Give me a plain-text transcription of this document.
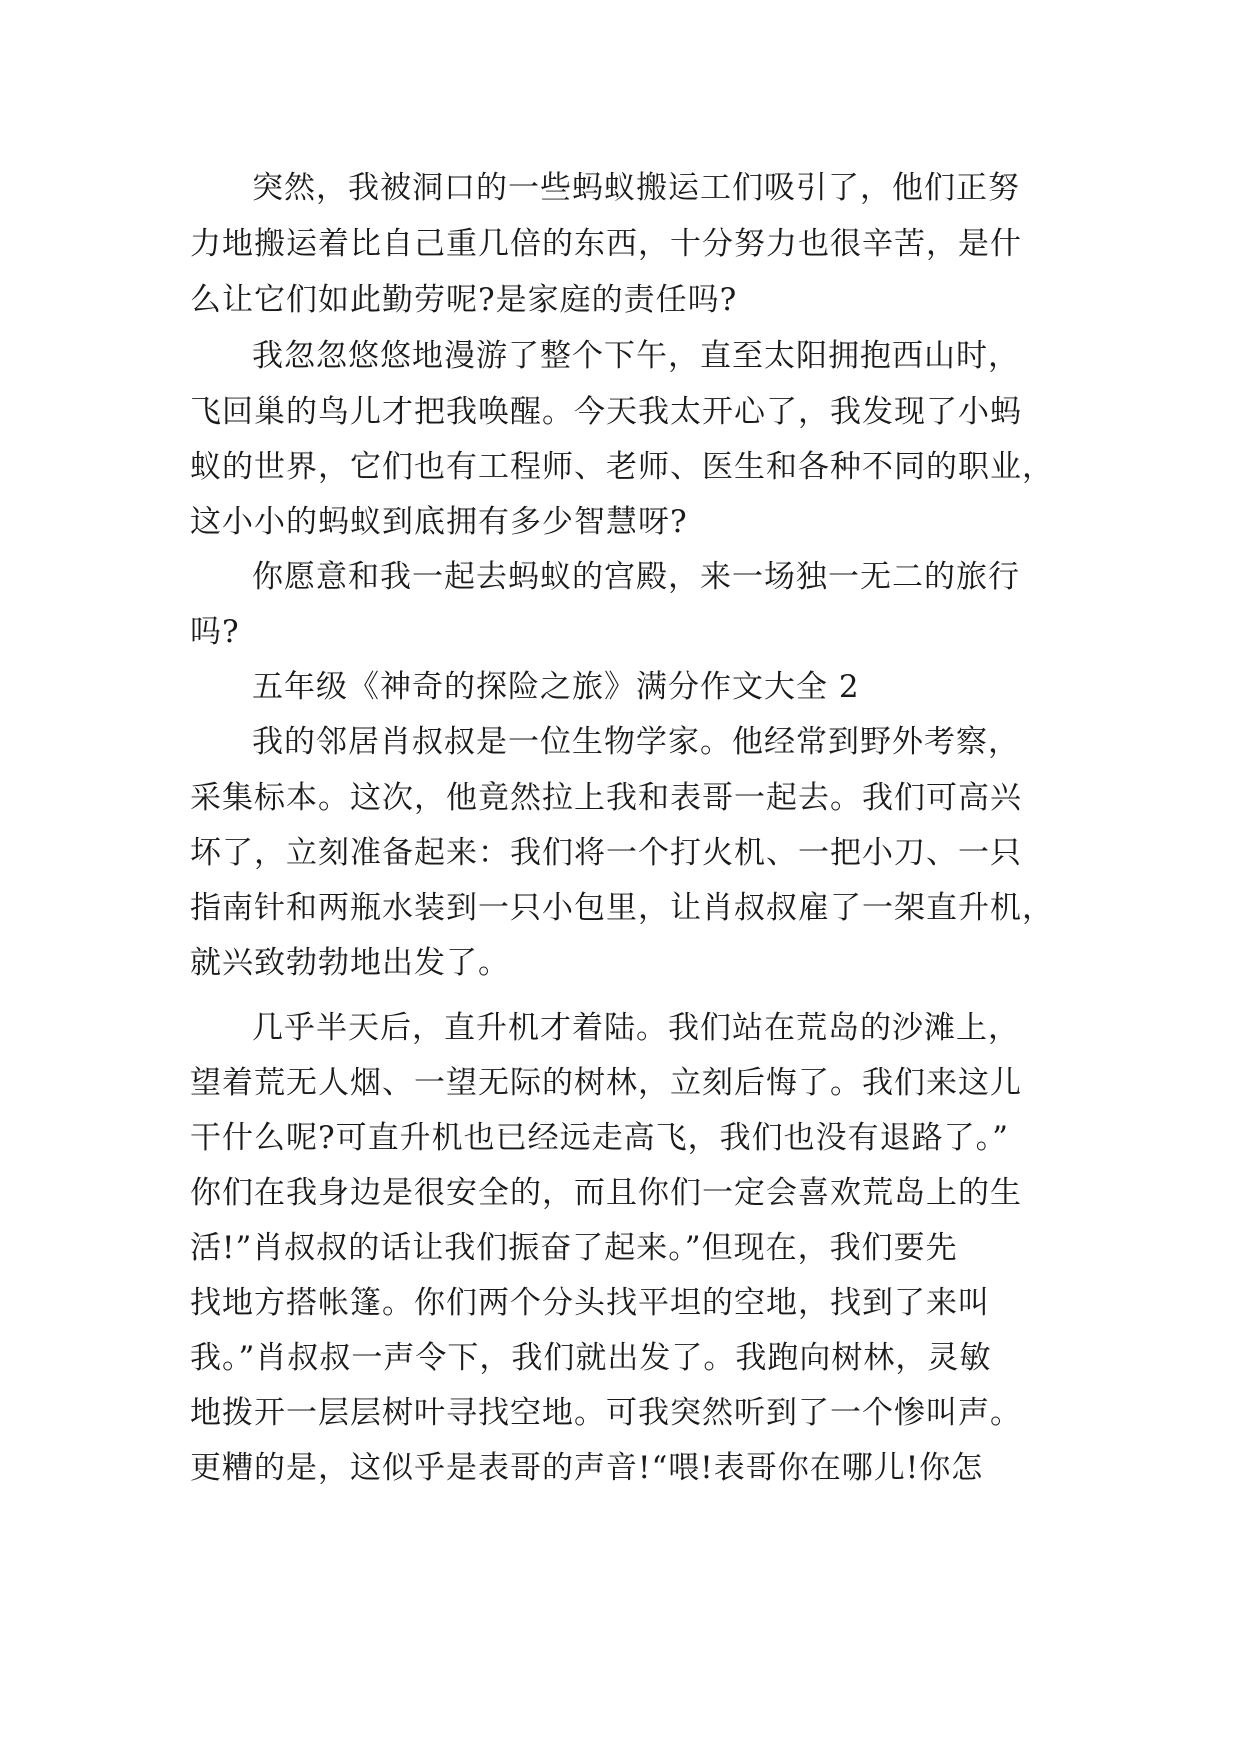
突然，我被洞口的一些蚂蚁搬运工们吸引了，他们正努

力地搬运着比自己重几倍的东西，十分努力也很辛苦，是什

么让它们如此勤劳呢?是家庭的责任吗?

我忽忽悠悠地漫游了整个下午，直至太阳拥抱西山时，

飞回巢的鸟儿才把我唤醒。今天我太开心了，我发现了小蚂

蚁的世界，它们也有工程师、老师、医生和各种不同的职业，

这小小的蚂蚁到底拥有多少智慧呀?

你愿意和我一起去蚂蚁的宫殿，来一场独一无二的旅行

吗?

五年级《神奇的探险之旅》满分作文大全 2

我的邻居肖叔叔是一位生物学家。他经常到野外考察，

采集标本。这次，他竟然拉上我和表哥一起去。我们可高兴

坏了，立刻准备起来：我们将一个打火机、一把小刀、一只

指南针和两瓶水装到一只小包里，让肖叔叔雇了一架直升机，

就兴致勃勃地出发了。

几乎半天后，直升机才着陆。我们站在荒岛的沙滩上，

望着荒无人烟、一望无际的树林，立刻后悔了。我们来这儿

干什么呢?可直升机也已经远走高飞，我们也没有退路了。”

你们在我身边是很安全的，而且你们一定会喜欢荒岛上的生

活!”肖叔叔的话让我们振奋了起来。”但现在，我们要先

找地方搭帐篷。你们两个分头找平坦的空地，找到了来叫

我。”肖叔叔一声令下，我们就出发了。我跑向树林，灵敏

地拨开一层层树叶寻找空地。可我突然听到了一个惨叫声。

更糟的是，这似乎是表哥的声音!“喂!表哥你在哪儿!你怎
